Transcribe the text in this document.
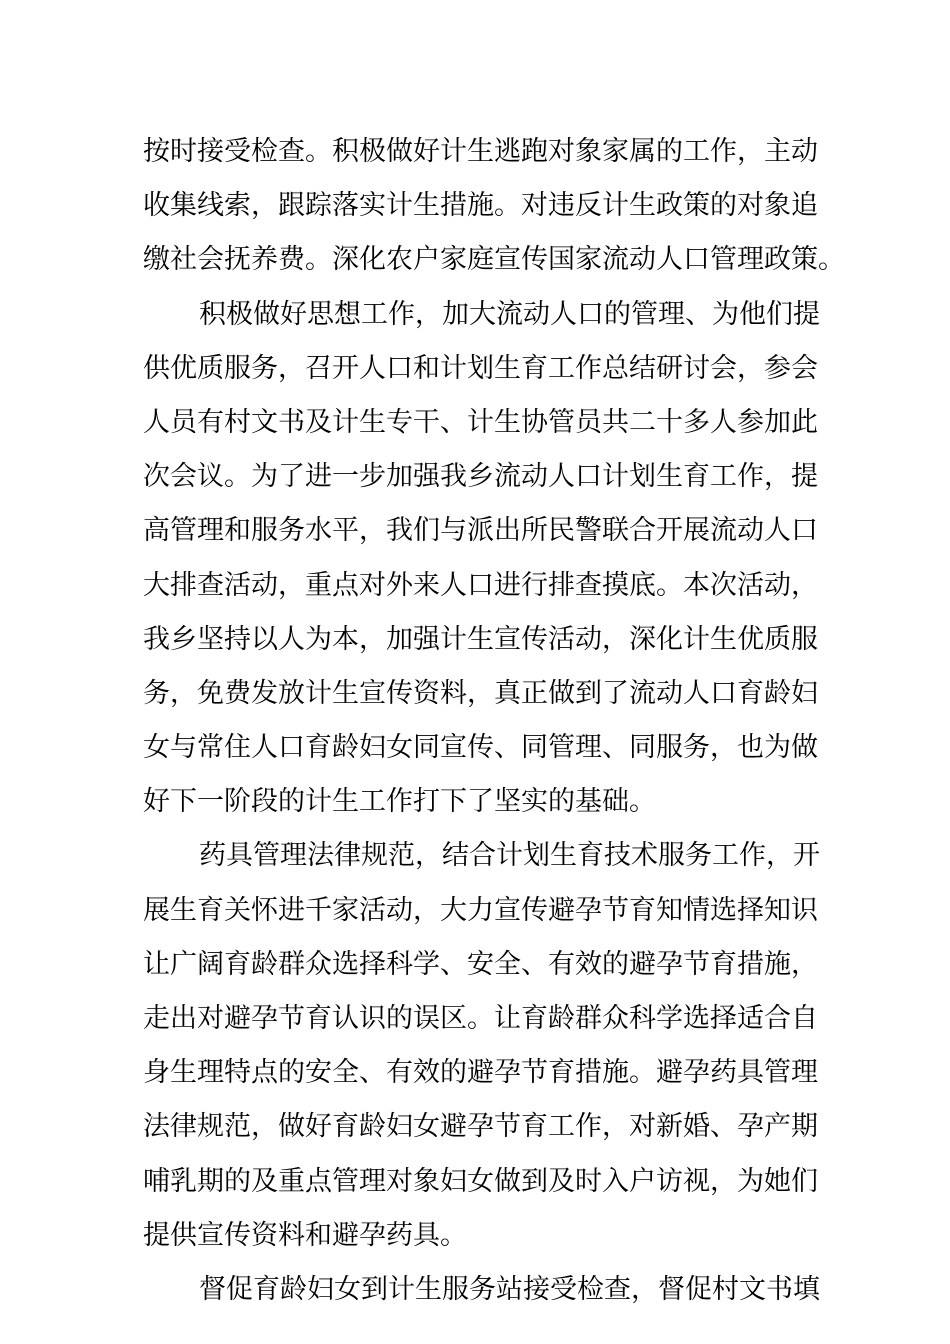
按时接受检查。积极做好计生逃跑对象家属的工作，主动
收集线索，跟踪落实计生措施。对违反计生政策的对象追
缴社会抚养费。深化农户家庭宣传国家流动人口管理政策。
积极做好思想工作，加大流动人口的管理、为他们提
供优质服务，召开人口和计划生育工作总结研讨会，参会
人员有村文书及计生专干、计生协管员共二十多人参加此
次会议。为了进一步加强我乡流动人口计划生育工作，提
高管理和服务水平，我们与派出所民警联合开展流动人口
大排查活动，重点对外来人口进行排查摸底。本次活动，
我乡坚持以人为本，加强计生宣传活动，深化计生优质服
务，免费发放计生宣传资料，真正做到了流动人口育龄妇
女与常住人口育龄妇女同宣传、同管理、同服务，也为做
好下一阶段的计生工作打下了坚实的基础。
药具管理法律规范，结合计划生育技术服务工作，开
展生育关怀进千家活动，大力宣传避孕节育知情选择知识
让广阔育龄群众选择科学、安全、有效的避孕节育措施，
走出对避孕节育认识的误区。让育龄群众科学选择适合自
身生理特点的安全、有效的避孕节育措施。避孕药具管理
法律规范，做好育龄妇女避孕节育工作，对新婚、孕产期
哺乳期的及重点管理对象妇女做到及时入户访视，为她们
提供宣传资料和避孕药具。
督促育龄妇女到计生服务站接受检查，督促村文书填
